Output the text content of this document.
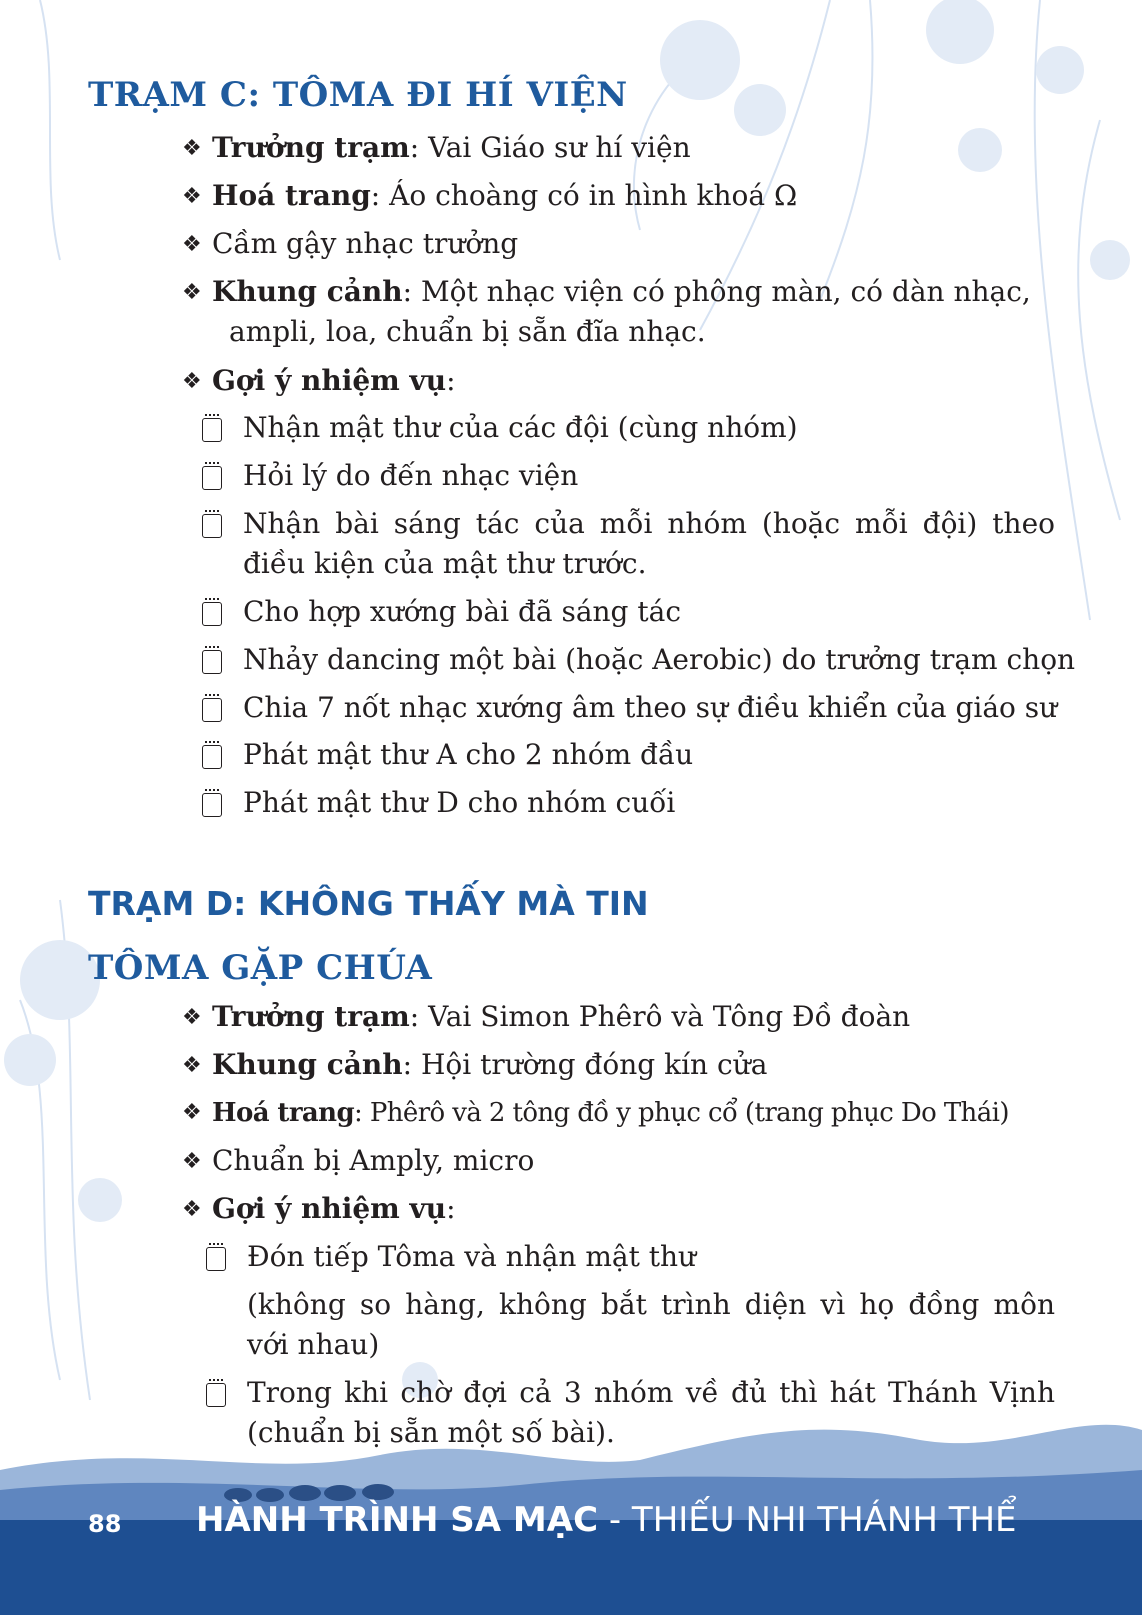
TRẠM C: TÔMA ĐI HÍ VIỆN

❖ Trưởng trạm: Vai Giáo sư hí viện

❖ Hoá trang: Áo choàng có in hình khoá Ω

❖ Cầm gậy nhạc trưởng

❖ Khung cảnh: Một nhạc viện có phông màn, có dàn nhạc,

ampli, loa, chuẩn bị sẵn đĩa nhạc.

❖ Gợi ý nhiệm vụ:

Nhận mật thư của các đội (cùng nhóm)

Hỏi lý do đến nhạc viện

Nhận bài sáng tác của mỗi nhóm (hoặc mỗi đội) theo

điều kiện của mật thư trước.

Cho hợp xướng bài đã sáng tác

Nhảy dancing một bài (hoặc Aerobic) do trưởng trạm chọn

Chia 7 nốt nhạc xướng âm theo sự điều khiển của giáo sư

Phát mật thư A cho 2 nhóm đầu

Phát mật thư D cho nhóm cuối

TRẠM D: KHÔNG THẤY MÀ TIN
TÔMA GẶP CHÚA

❖ Trưởng trạm: Vai Simon Phêrô và Tông Đồ đoàn

❖ Khung cảnh: Hội trường đóng kín cửa

❖ Hoá trang: Phêrô và 2 tông đồ y phục cổ (trang phục Do Thái)

❖ Chuẩn bị Amply, micro

❖ Gợi ý nhiệm vụ:

Đón tiếp Tôma và nhận mật thư

(không so hàng, không bắt trình diện vì họ đồng môn

với nhau)

Trong khi chờ đợi cả 3 nhóm về đủ thì hát Thánh Vịnh

(chuẩn bị sẵn một số bài).

88 HÀNH TRÌNH SA MẠC - THIẾU NHI THÁNH THỂ
